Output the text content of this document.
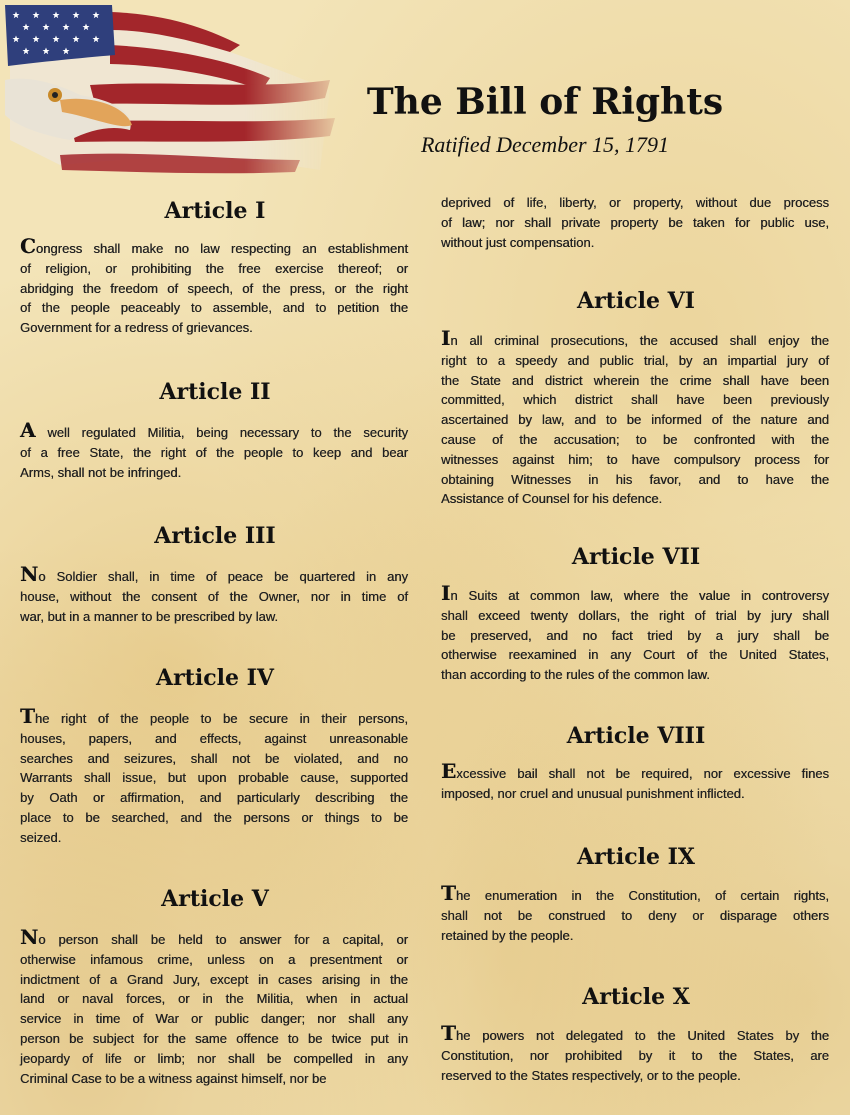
The Bill of Rights
Ratified December 15, 1791
Article I
Congress shall make no law respecting an establishment
of religion, or prohibiting the free exercise thereof; or
abridging the freedom of speech, of the press, or the right
of the people peaceably to assemble, and to petition the
Government for a redress of grievances.
Article II
A well regulated Militia, being necessary to the security
of a free State, the right of the people to keep and bear
Arms, shall not be infringed.
Article III
No Soldier shall, in time of peace be quartered in any
house, without the consent of the Owner, nor in time of
war, but in a manner to be prescribed by law.
Article IV
The right of the people to be secure in their persons,
houses, papers, and effects, against unreasonable
searches and seizures, shall not be violated, and no
Warrants shall issue, but upon probable cause, supported
by Oath or affirmation, and particularly describing the
place to be searched, and the persons or things to be
seized.
Article V
No person shall be held to answer for a capital, or
otherwise infamous crime, unless on a presentment or
indictment of a Grand Jury, except in cases arising in the
land or naval forces, or in the Militia, when in actual
service in time of War or public danger; nor shall any
person be subject for the same offence to be twice put in
jeopardy of life or limb; nor shall be compelled in any
Criminal Case to be a witness against himself, nor be
deprived of life, liberty, or property, without due process
of law; nor shall private property be taken for public use,
without just compensation.
Article VI
In all criminal prosecutions, the accused shall enjoy the
right to a speedy and public trial, by an impartial jury of
the State and district wherein the crime shall have been
committed, which district shall have been previously
ascertained by law, and to be informed of the nature and
cause of the accusation; to be confronted with the
witnesses against him; to have compulsory process for
obtaining Witnesses in his favor, and to have the
Assistance of Counsel for his defence.
Article VII
In Suits at common law, where the value in controversy
shall exceed twenty dollars, the right of trial by jury shall
be preserved, and no fact tried by a jury shall be
otherwise reexamined in any Court of the United States,
than according to the rules of the common law.
Article VIII
Excessive bail shall not be required, nor excessive fines
imposed, nor cruel and unusual punishment inflicted.
Article IX
The enumeration in the Constitution, of certain rights,
shall not be construed to deny or disparage others
retained by the people.
Article X
The powers not delegated to the United States by the
Constitution, nor prohibited by it to the States, are
reserved to the States respectively, or to the people.
